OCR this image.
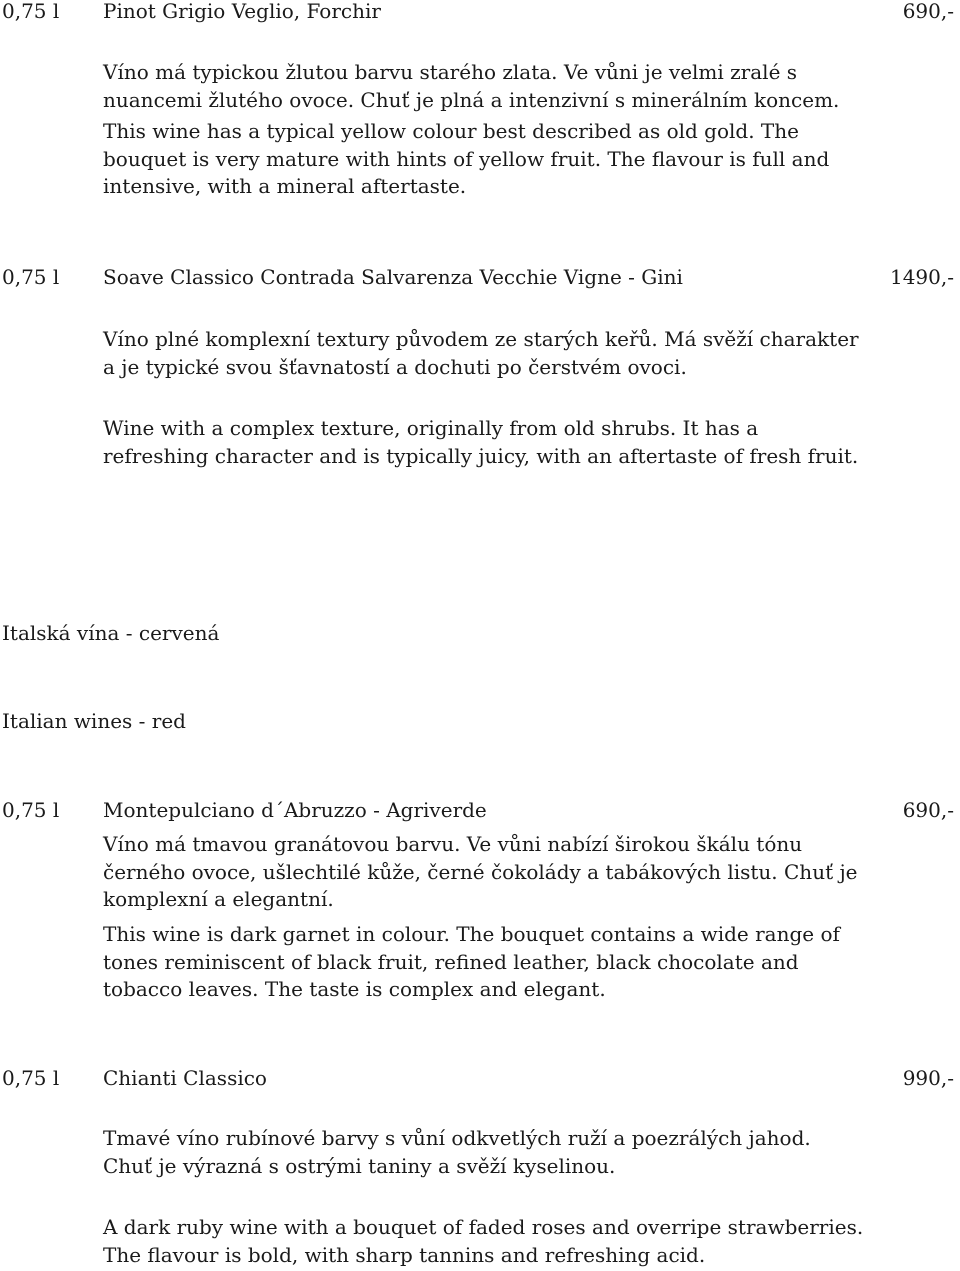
0,75 l Pinot Grigio Veglio, Forchir	690,-

Víno má typickou žlutou barvu starého zlata. Ve vůni je velmi zralé s
nuancemi žlutého ovoce. Chuť je plná a intenzivní s minerálním koncem.

This wine has a typical yellow colour best described as old gold. The
bouquet is very mature with hints of yellow fruit. The flavour is full and
intensive, with a mineral aftertaste.

0,75 l Soave Classico Contrada Salvarenza Vecchie Vigne - Gini	1490,-

Víno plné komplexní textury původem ze starých keřů. Má svěží charakter
a je typické svou šťavnatostí a dochuti po čerstvém ovoci.

Wine with a complex texture, originally from old shrubs. It has a
refreshing character and is typically juicy, with an aftertaste of fresh fruit.

Italská vína - cervená
Italian wines - red

0,75 l Montepulciano d´Abruzzo - Agriverde	690,-

Víno má tmavou granátovou barvu. Ve vůni nabízí širokou škálu tónu
černého ovoce, ušlechtilé kůže, černé čokolády a tabákových listu. Chuť je
komplexní a elegantní.

This wine is dark garnet in colour. The bouquet contains a wide range of
tones reminiscent of black fruit, refined leather, black chocolate and
tobacco leaves. The taste is complex and elegant.

0,75 l Chianti Classico	990,-

Tmavé víno rubínové barvy s vůní odkvetlých ruží a poezrálých jahod.
Chuť je výrazná s ostrými taniny a svěží kyselinou.

A dark ruby wine with a bouquet of faded roses and overripe strawberries.
The flavour is bold, with sharp tannins and refreshing acid.
